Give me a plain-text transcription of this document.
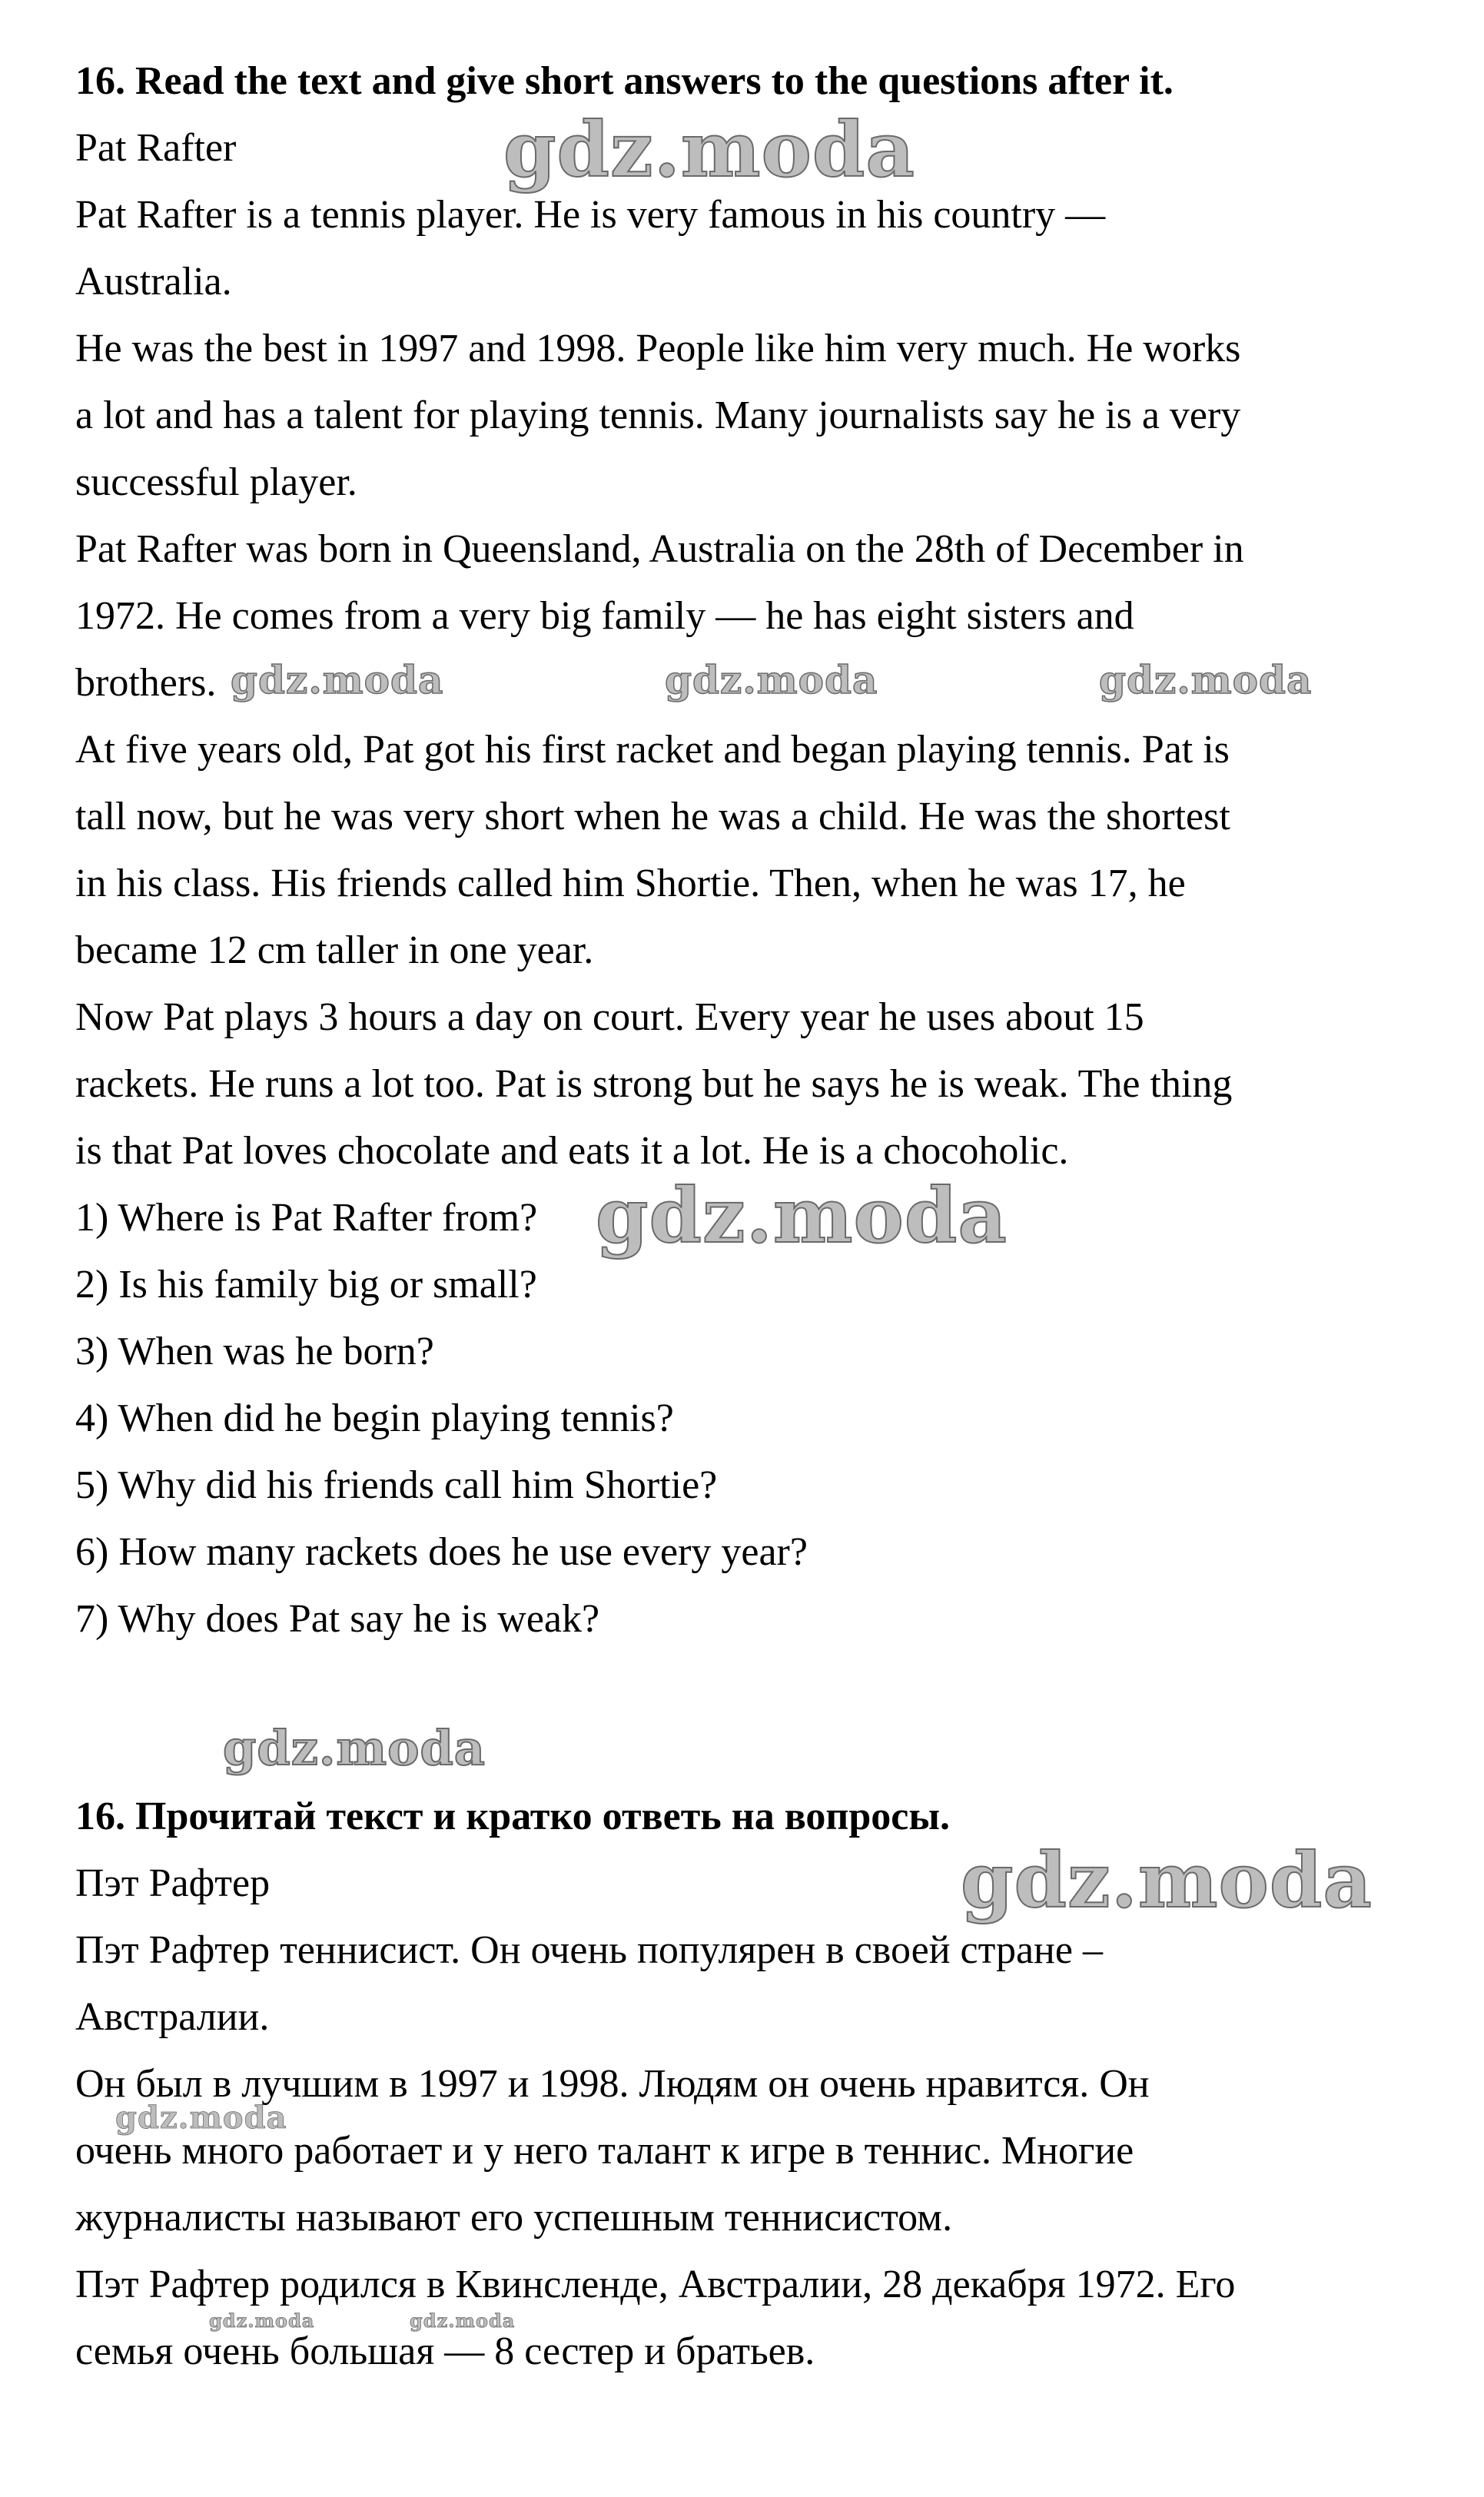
16. Read the text and give short answers to the questions after it.
Pat Rafter
Pat Rafter is a tennis player. He is very famous in his country —
Australia.
He was the best in 1997 and 1998. People like him very much. He works
a lot and has a talent for playing tennis. Many journalists say he is a very
successful player.
Pat Rafter was born in Queensland, Australia on the 28th of December in
1972. He comes from a very big family — he has eight sisters and
brothers.
At five years old, Pat got his first racket and began playing tennis. Pat is
tall now, but he was very short when he was a child. He was the shortest
in his class. His friends called him Shortie. Then, when he was 17, he
became 12 cm taller in one year.
Now Pat plays 3 hours a day on court. Every year he uses about 15
rackets. He runs a lot too. Pat is strong but he says he is weak. The thing
is that Pat loves chocolate and eats it a lot. He is a chocoholic.
1) Where is Pat Rafter from?
2) Is his family big or small?
3) When was he born?
4) When did he begin playing tennis?
5) Why did his friends call him Shortie?
6) How many rackets does he use every year?
7) Why does Pat say he is weak?
16. Прочитай текст и кратко ответь на вопросы.
Пэт Рафтер
Пэт Рафтер теннисист. Он очень популярен в своей стране –
Австралии.
Он был в лучшим в 1997 и 1998. Людям он очень нравится. Он
очень много работает и у него талант к игре в теннис. Многие
журналисты называют его успешным теннисистом.
Пэт Рафтер родился в Квинсленде, Австралии, 28 декабря 1972. Его
семья очень большая — 8 сестер и братьев.
gdz.moda
gdz.moda	gdz.moda	gdz.moda
gdz.moda
gdz.moda
gdz.moda
gdz.moda
gdz.moda	gdz.moda
